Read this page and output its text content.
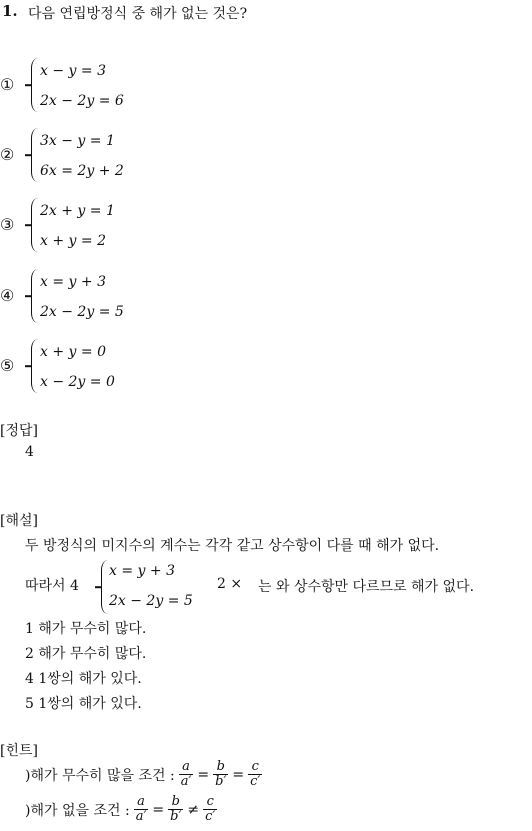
1. 다음 연립방정식 중 해가 없는 것은?
①
x − y = 3
2x − 2y = 6
②
3x − y = 1
6x = 2y + 2
③
2x + y = 1
x + y = 2
④
x = y + 3
2x − 2y = 5
⑤
x + y = 0
x − 2y = 0
[정답]
4
[해설]
두 방정식의 미지수의 계수는 각각 같고 상수항이 다를 때 해가 없다.
따라서 4
x = y + 3
2x − 2y = 5
2 × 는 와 상수항만 다르므로 해가 없다.
1 해가 무수히 많다.
2 해가 무수히 많다.
4 1쌍의 해가 있다.
5 1쌍의 해가 있다.
[힌트]
)해가 무수히 많을 조건 : $\frac{a}{a'} = \frac{b}{b'} = \frac{c}{c'}$
)해가 없을 조건 : $\frac{a}{a'} = \frac{b}{b'} \ne \frac{c}{c'}$
